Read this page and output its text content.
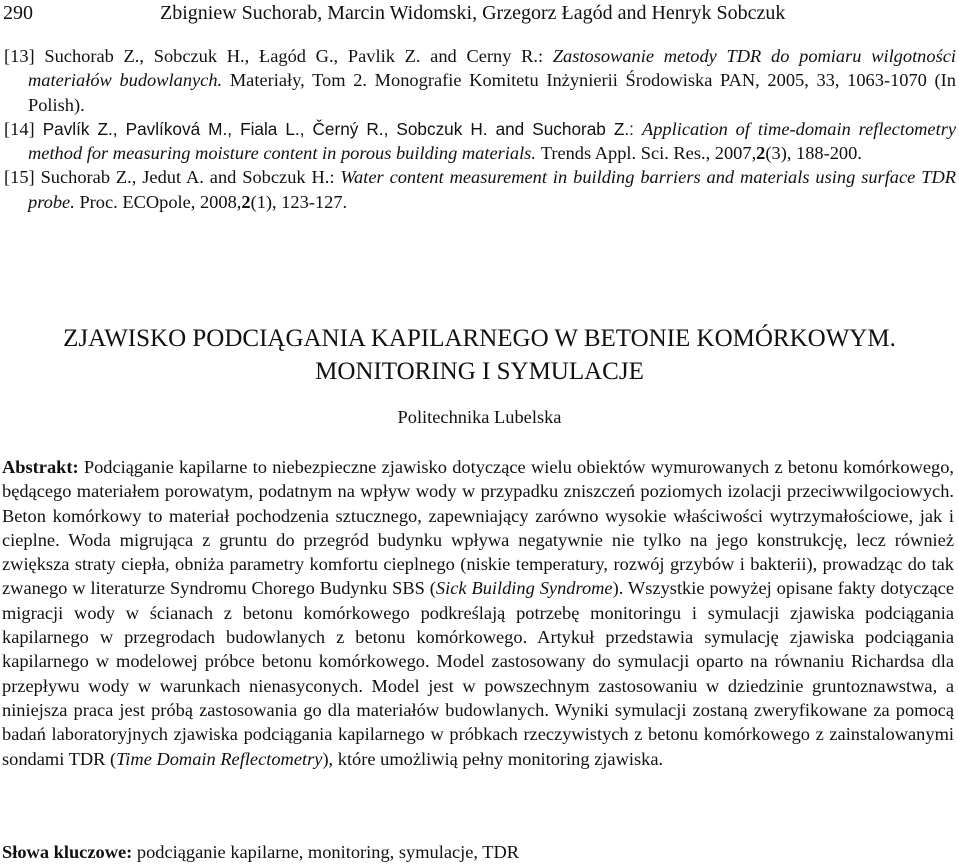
290	Zbigniew Suchorab, Marcin Widomski, Grzegorz Łagód and Henryk Sobczuk
[13] Suchorab Z., Sobczuk H., Łagód G., Pavlik Z. and Cerny R.: Zastosowanie metody TDR do pomiaru wilgotności materiałów budowlanych. Materiały, Tom 2. Monografie Komitetu Inżynierii Środowiska PAN, 2005, 33, 1063-1070 (In Polish).
[14] Pavlík Z., Pavlíková M., Fiala L., Černý R., Sobczuk H. and Suchorab Z.: Application of time-domain reflectometry method for measuring moisture content in porous building materials. Trends Appl. Sci. Res., 2007,2(3), 188-200.
[15] Suchorab Z., Jedut A. and Sobczuk H.: Water content measurement in building barriers and materials using surface TDR probe. Proc. ECOpole, 2008,2(1), 123-127.
ZJAWISKO PODCIĄGANIA KAPILARNEGO W BETONIE KOMÓRKOWYM.
MONITORING I SYMULACJE
Politechnika Lubelska
Abstrakt: Podciąganie kapilarne to niebezpieczne zjawisko dotyczące wielu obiektów wymurowanych z betonu komórkowego, będącego materiałem porowatym, podatnym na wpływ wody w przypadku zniszczeń poziomych izolacji przeciwwilgociowych. Beton komórkowy to materiał pochodzenia sztucznego, zapewniający zarówno wysokie właściwości wytrzymałościowe, jak i cieplne. Woda migrująca z gruntu do przegród budynku wpływa negatywnie nie tylko na jego konstrukcję, lecz również zwiększa straty ciepła, obniża parametry komfortu cieplnego (niskie temperatury, rozwój grzybów i bakterii), prowadząc do tak zwanego w literaturze Syndromu Chorego Budynku SBS (Sick Building Syndrome). Wszystkie powyżej opisane fakty dotyczące migracji wody w ścianach z betonu komórkowego podkreślają potrzebę monitoringu i symulacji zjawiska podciągania kapilarnego w przegrodach budowlanych z betonu komórkowego. Artykuł przedstawia symulację zjawiska podciągania kapilarnego w modelowej próbce betonu komórkowego. Model zastosowany do symulacji oparto na równaniu Richardsa dla przepływu wody w warunkach nienasyconych. Model jest w powszechnym zastosowaniu w dziedzinie gruntoznawstwa, a niniejsza praca jest próbą zastosowania go dla materiałów budowlanych. Wyniki symulacji zostaną zweryfikowane za pomocą badań laboratoryjnych zjawiska podciągania kapilarnego w próbkach rzeczywistych z betonu komórkowego z zainstalowanymi sondami TDR (Time Domain Reflectometry), które umożliwią pełny monitoring zjawiska.
Słowa kluczowe: podciąganie kapilarne, monitoring, symulacje, TDR
